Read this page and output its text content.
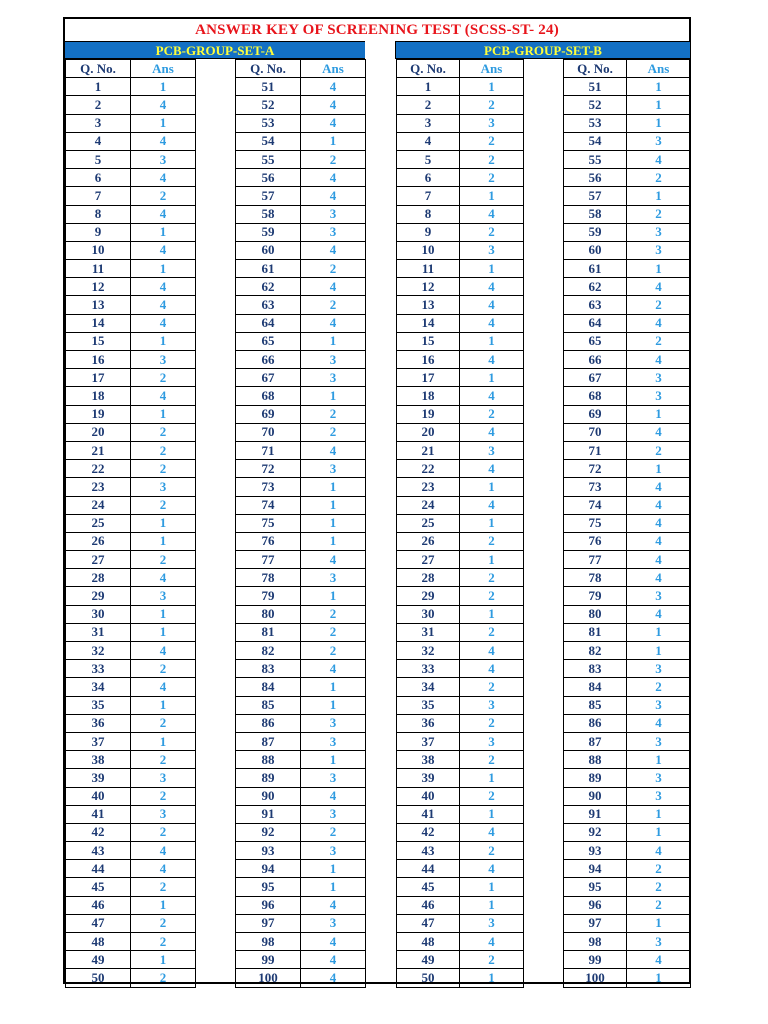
ANSWER KEY OF SCREENING TEST (SCSS-ST- 24)
PCB-GROUP-SET-A
Q. No.	Ans		Q. No.	Ans
1	1		51	4
2	4		52	4
3	1		53	4
4	4		54	1
5	3		55	2
6	4		56	4
7	2		57	4
8	4		58	3
9	1		59	3
10	4		60	4
11	1		61	2
12	4		62	4
13	4		63	2
14	4		64	4
15	1		65	1
16	3		66	3
17	2		67	3
18	4		68	1
19	1		69	2
20	2		70	2
21	2		71	4
22	2		72	3
23	3		73	1
24	2		74	1
25	1		75	1
26	1		76	1
27	2		77	4
28	4		78	3
29	3		79	1
30	1		80	2
31	1		81	2
32	4		82	2
33	2		83	4
34	4		84	1
35	1		85	1
36	2		86	3
37	1		87	3
38	2		88	1
39	3		89	3
40	2		90	4
41	3		91	3
42	2		92	2
43	4		93	3
44	4		94	1
45	2		95	1
46	1		96	4
47	2		97	3
48	2		98	4
49	1		99	4
50	2		100	4
PCB-GROUP-SET-B
Q. No.	Ans		Q. No.	Ans
1	1		51	1
2	2		52	1
3	3		53	1
4	2		54	3
5	2		55	4
6	2		56	2
7	1		57	1
8	4		58	2
9	2		59	3
10	3		60	3
11	1		61	1
12	4		62	4
13	4		63	2
14	4		64	4
15	1		65	2
16	4		66	4
17	1		67	3
18	4		68	3
19	2		69	1
20	4		70	4
21	3		71	2
22	4		72	1
23	1		73	4
24	4		74	4
25	1		75	4
26	2		76	4
27	1		77	4
28	2		78	4
29	2		79	3
30	1		80	4
31	2		81	1
32	4		82	1
33	4		83	3
34	2		84	2
35	3		85	3
36	2		86	4
37	3		87	3
38	2		88	1
39	1		89	3
40	2		90	3
41	1		91	1
42	4		92	1
43	2		93	4
44	4		94	2
45	1		95	2
46	1		96	2
47	3		97	1
48	4		98	3
49	2		99	4
50	1		100	1
